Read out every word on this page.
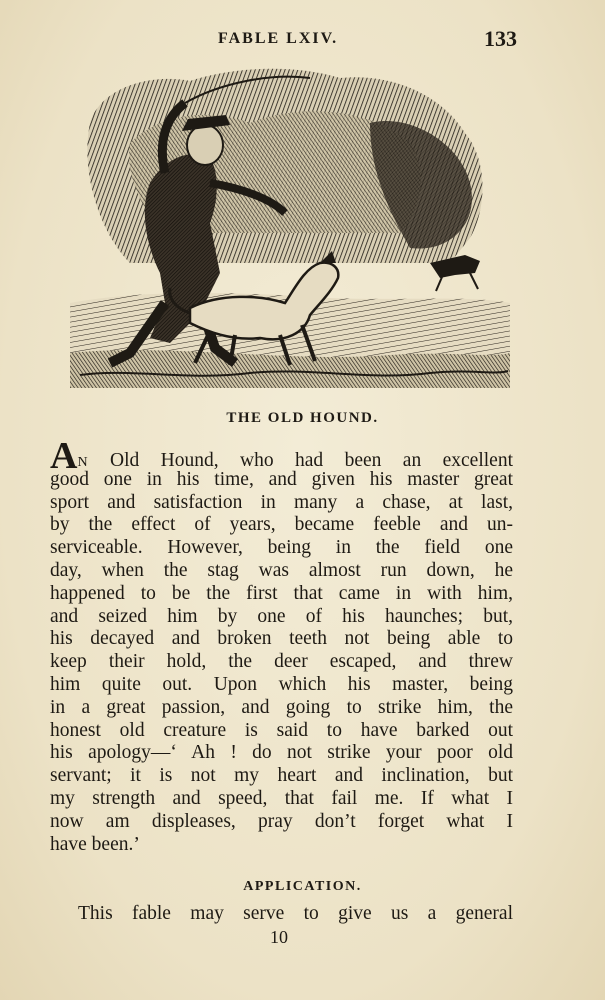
FABLE LXIV.	133
THE OLD HOUND.
AN Old Hound, who had been an excellent
good one in his time, and given his master great
sport and satisfaction in many a chase, at last,
by the effect of years, became feeble and un-
serviceable. However, being in the field one
day, when the stag was almost run down, he
happened to be the first that came in with him,
and seized him by one of his haunches; but,
his decayed and broken teeth not being able to
keep their hold, the deer escaped, and threw
him quite out. Upon which his master, being
in a great passion, and going to strike him, the
honest old creature is said to have barked out
his apology—‘ Ah ! do not strike your poor old
servant; it is not my heart and inclination, but
my strength and speed, that fail me. If what I
now am displeases, pray don’t forget what I
have been.’
APPLICATION.
This fable may serve to give us a general
10
